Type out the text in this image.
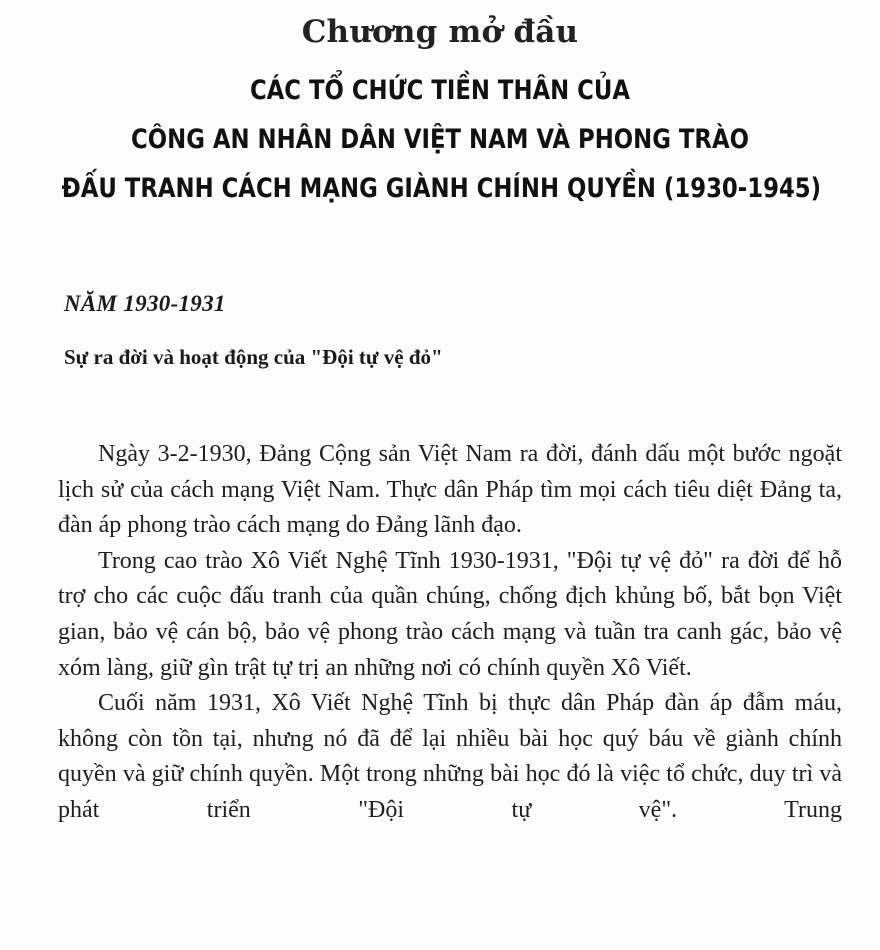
Chương mở đầu
CÁC TỔ CHỨC TIỀN THÂN CỦA
CÔNG AN NHÂN DÂN VIỆT NAM VÀ PHONG TRÀO
ĐẤU TRANH CÁCH MẠNG GIÀNH CHÍNH QUYỀN (1930-1945)
NĂM 1930-1931
Sự ra đời và hoạt động của "Đội tự vệ đỏ"

Ngày 3-2-1930, Đảng Cộng sản Việt Nam ra đời, đánh dấu một bước ngoặt lịch sử của cách mạng Việt Nam. Thực dân Pháp tìm mọi cách tiêu diệt Đảng ta, đàn áp phong trào cách mạng do Đảng lãnh đạo.

Trong cao trào Xô Viết Nghệ Tĩnh 1930-1931, "Đội tự vệ đỏ" ra đời để hỗ trợ cho các cuộc đấu tranh của quần chúng, chống địch khủng bố, bắt bọn Việt gian, bảo vệ cán bộ, bảo vệ phong trào cách mạng và tuần tra canh gác, bảo vệ xóm làng, giữ gìn trật tự trị an những nơi có chính quyền Xô Viết.

Cuối năm 1931, Xô Viết Nghệ Tĩnh bị thực dân Pháp đàn áp đẫm máu, không còn tồn tại, nhưng nó đã để lại nhiều bài học quý báu về giành chính quyền và giữ chính quyền. Một trong những bài học đó là việc tổ chức, duy trì và phát triển "Đội tự vệ". Trung
